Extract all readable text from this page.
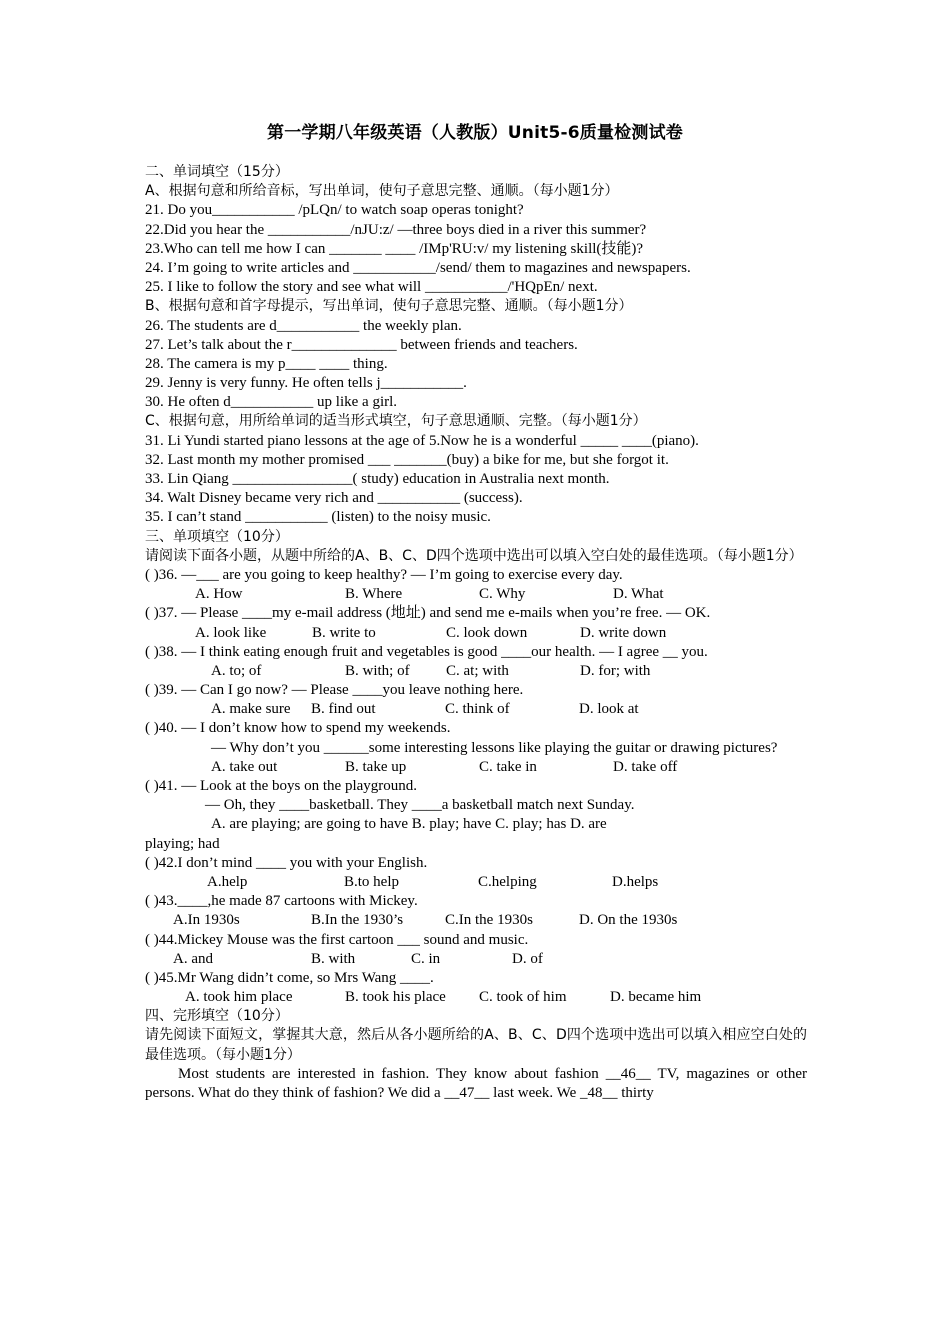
第一学期八年级英语（人教版）Unit5-6质量检测试卷
二、单词填空（15分）
A、根据句意和所给音标，写出单词，使句子意思完整、通顺。（每小题1分）
21. Do you___________ /pLQn/ to watch soap operas tonight?
22.Did you hear the ___________/nJU:z/ —three boys died in a river this summer?
23.Who can tell me how I can _______ ____ /IMp'RU:v/ my listening skill(技能)?
24. I’m going to write articles and ___________/send/ them to magazines and newspapers.
25. I like to follow the story and see what will ___________/'HQpEn/ next.
B、根据句意和首字母提示，写出单词，使句子意思完整、通顺。（每小题1分）
26. The students are d___________ the weekly plan.
27. Let’s talk about the r______________ between friends and teachers.
28. The camera is my p____ ____ thing.
29. Jenny is very funny. He often tells j___________.
30. He often d___________ up like a girl.
C、根据句意，用所给单词的适当形式填空，句子意思通顺、完整。（每小题1分）
31. Li Yundi started piano lessons at the age of 5.Now he is a wonderful _____ ____(piano).
32. Last month my mother promised ___ _______(buy) a bike for me, but she forgot it.
33. Lin Qiang ________________( study) education in Australia next month.
34. Walt Disney became very rich and ___________ (success).
35. I can’t stand ___________ (listen) to the noisy music.
三、单项填空（10分）
请阅读下面各小题，从题中所给的A、B、C、D四个选项中选出可以填入空白处的最佳选项。（每小题1分）
( )36. —___ are you going to keep healthy? — I’m going to exercise every day.
A. How	B. Where	C. Why	D. What
( )37. — Please ____my e-mail address (地址) and send me e-mails when you’re free. — OK.
A. look like	B. write to	C. look down	D. write down
( )38. — I think eating enough fruit and vegetables is good ____our health. — I agree __ you.
A. to; of	B. with; of C. at; with	D. for; with
( )39. — Can I go now? — Please ____you leave nothing here.
A. make sure B. find out	C. think of	D. look at
( )40. — I don’t know how to spend my weekends.
— Why don’t you ______some interesting lessons like playing the guitar or drawing pictures?
A. take out	B. take up	C. take in	D. take off
( )41. — Look at the boys on the playground.
— Oh, they ____basketball. They ____a basketball match next Sunday.
A. are playing; are going to have B. play; have C. play; has D. are
playing; had
( )42.I don’t mind ____ you with your English.
A.help	B.to help	C.helping	D.helps
( )43.____,he made 87 cartoons with Mickey.
A.In 1930s	B.In the 1930’s	C.In the 1930s	D. On the 1930s
( )44.Mickey Mouse was the first cartoon ___ sound and music.
A. and	B. with	C. in	D. of
( )45.Mr Wang didn’t come, so Mrs Wang ____.
A. took him place	B. took his place C. took of him	D. became him
四、完形填空（10分）
请先阅读下面短文，掌握其大意，然后从各小题所给的A、B、C、D四个选项中选出可以填入相应空白处的最佳选项。（每小题1分）
Most students are interested in fashion. They know about fashion __46__ TV, magazines or other persons. What do they think of fashion? We did a __47__ last week. We _48__ thirty
